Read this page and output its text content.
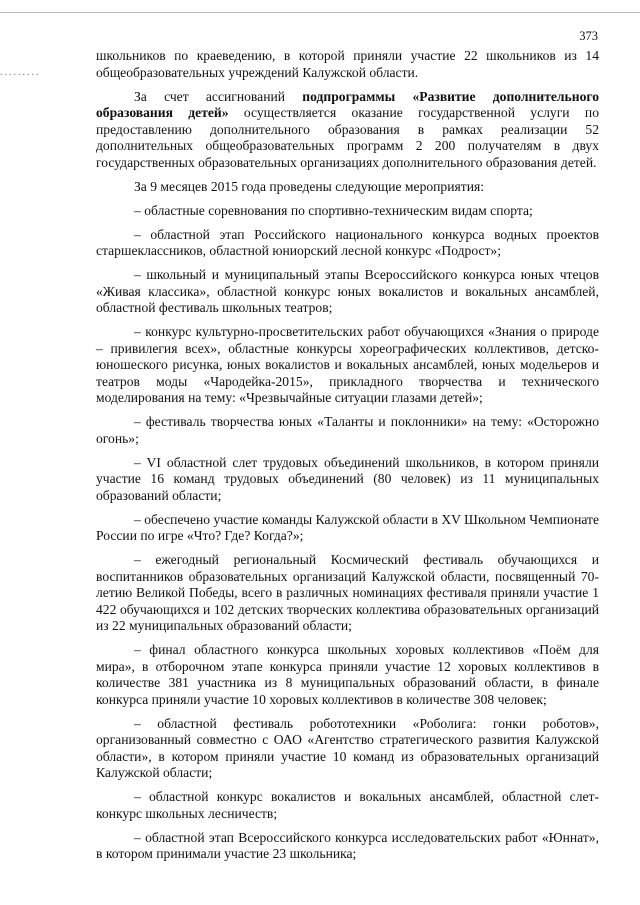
373
.........

школьников по краеведению, в которой приняли участие 22 школьников из 14 общеобразовательных учреждений Калужской области.

За счет ассигнований подпрограммы «Развитие дополнительного образования детей» осуществляется оказание государственной услуги по предоставлению дополнительного образования в рамках реализации 52 дополнительных общеобразовательных программ 2 200 получателям в двух государственных образовательных организациях дополнительного образования детей.

За 9 месяцев 2015 года проведены следующие мероприятия:

– областные соревнования по спортивно-техническим видам спорта;

– областной этап Российского национального конкурса водных проектов старшеклассников, областной юниорский лесной конкурс «Подрост»;

– школьный и муниципальный этапы Всероссийского конкурса юных чтецов «Живая классика», областной конкурс юных вокалистов и вокальных ансамблей, областной фестиваль школьных театров;

– конкурс культурно-просветительских работ обучающихся «Знания о природе – привилегия всех», областные конкурсы хореографических коллективов, детско-юношеского рисунка, юных вокалистов и вокальных ансамблей, юных модельеров и театров моды «Чародейка-2015», прикладного творчества и технического моделирования на тему: «Чрезвычайные ситуации глазами детей»;

– фестиваль творчества юных «Таланты и поклонники» на тему: «Осторожно огонь»;

– VI областной слет трудовых объединений школьников, в котором приняли участие 16 команд трудовых объединений (80 человек) из 11 муниципальных образований области;

– обеспечено участие команды Калужской области в XV Школьном Чемпионате России по игре «Что? Где? Когда?»;

– ежегодный региональный Космический фестиваль обучающихся и воспитанников образовательных организаций Калужской области, посвященный 70-летию Великой Победы, всего в различных номинациях фестиваля приняли участие 1 422 обучающихся и 102 детских творческих коллектива образовательных организаций из 22 муниципальных образований области;

– финал областного конкурса школьных хоровых коллективов «Поём для мира», в отборочном этапе конкурса приняли участие 12 хоровых коллективов в количестве 381 участника из 8 муниципальных образований области, в финале конкурса приняли участие 10 хоровых коллективов в количестве 308 человек;

– областной фестиваль робототехники «Роболига: гонки роботов», организованный совместно с ОАО «Агентство стратегического развития Калужской области», в котором приняли участие 10 команд из образовательных организаций Калужской области;

– областной конкурс вокалистов и вокальных ансамблей, областной слет-конкурс школьных лесничеств;

– областной этап Всероссийского конкурса исследовательских работ «Юннат», в котором принимали участие 23 школьника;
